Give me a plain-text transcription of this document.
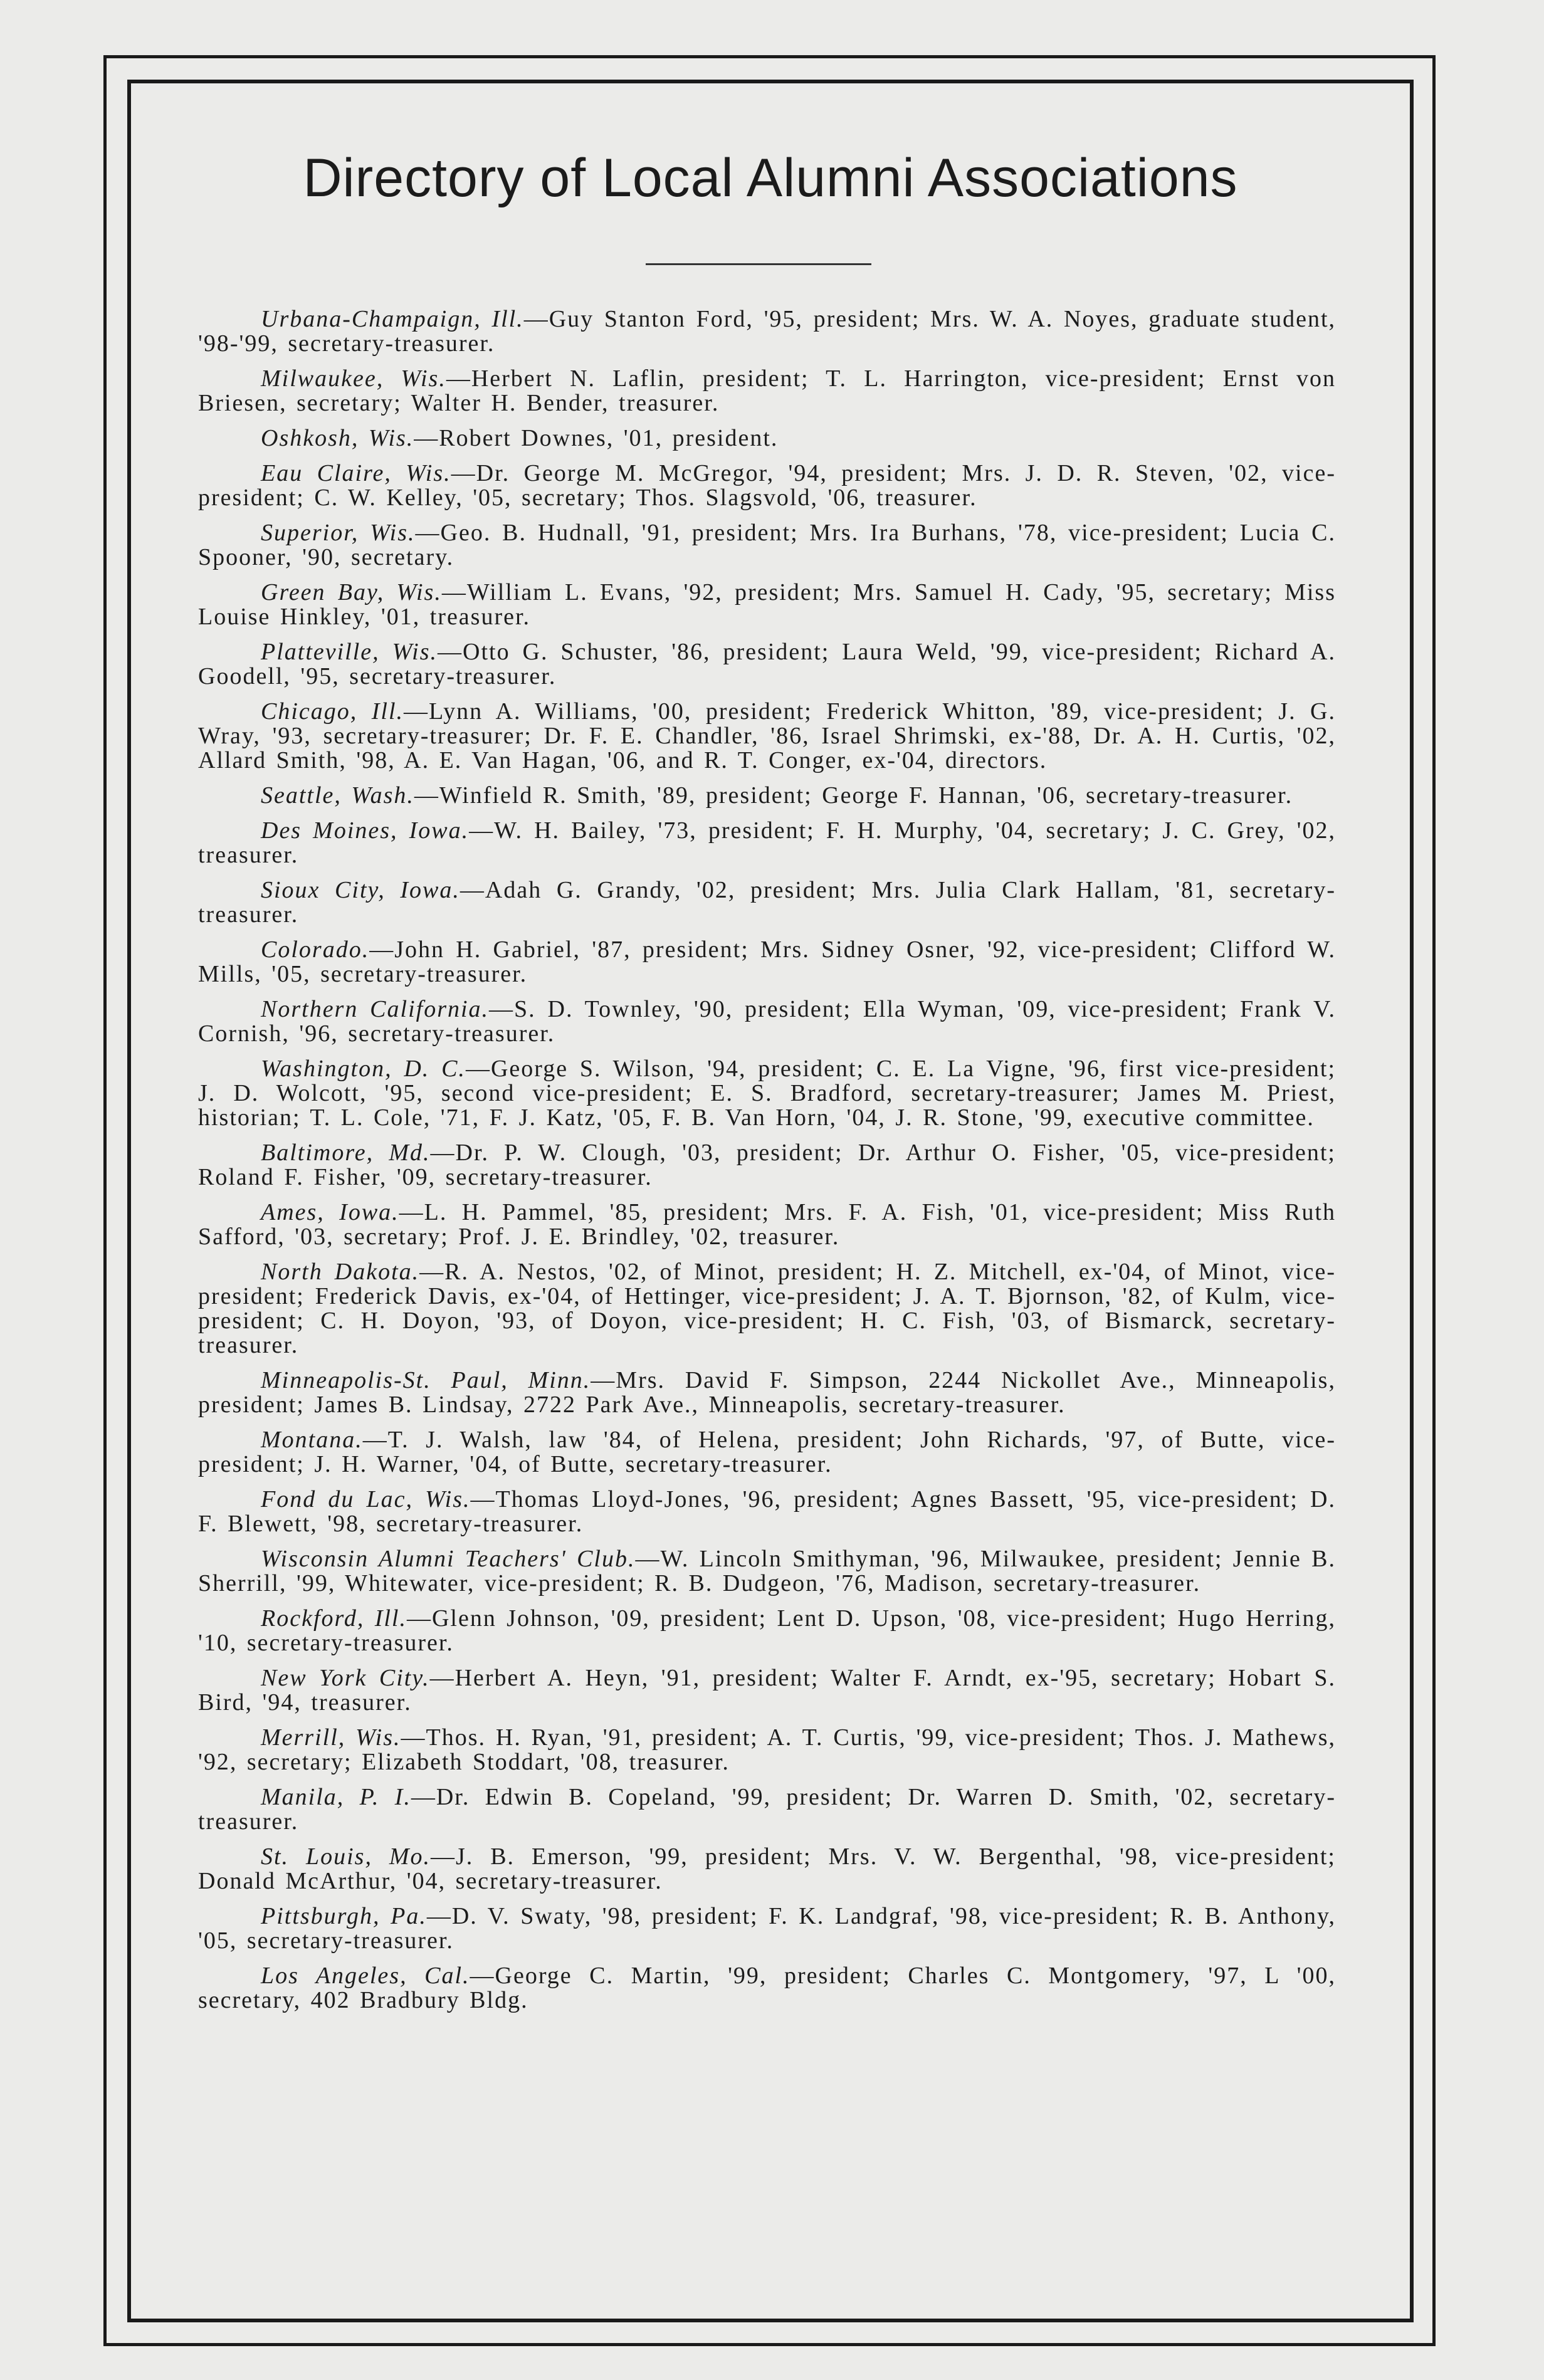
Directory of Local Alumni Associations

Urbana-Champaign, Ill.—Guy Stanton Ford, '95, president; Mrs. W. A. Noyes, graduate student, '98-'99, secretary-treasurer.

Milwaukee, Wis.—Herbert N. Laflin, president; T. L. Harrington, vice-president; Ernst von Briesen, secretary; Walter H. Bender, treasurer.

Oshkosh, Wis.—Robert Downes, '01, president.

Eau Claire, Wis.—Dr. George M. McGregor, '94, president; Mrs. J. D. R. Steven, '02, vice-president; C. W. Kelley, '05, secretary; Thos. Slagsvold, '06, treasurer.

Superior, Wis.—Geo. B. Hudnall, '91, president; Mrs. Ira Burhans, '78, vice-president; Lucia C. Spooner, '90, secretary.

Green Bay, Wis.—William L. Evans, '92, president; Mrs. Samuel H. Cady, '95, secretary; Miss Louise Hinkley, '01, treasurer.

Platteville, Wis.—Otto G. Schuster, '86, president; Laura Weld, '99, vice-president; Richard A. Goodell, '95, secretary-treasurer.

Chicago, Ill.—Lynn A. Williams, '00, president; Frederick Whitton, '89, vice-president; J. G. Wray, '93, secretary-treasurer; Dr. F. E. Chandler, '86, Israel Shrimski, ex-'88, Dr. A. H. Curtis, '02, Allard Smith, '98, A. E. Van Hagan, '06, and R. T. Conger, ex-'04, directors.

Seattle, Wash.—Winfield R. Smith, '89, president; George F. Hannan, '06, secretary-treasurer.

Des Moines, Iowa.—W. H. Bailey, '73, president; F. H. Murphy, '04, secretary; J. C. Grey, '02, treasurer.

Sioux City, Iowa.—Adah G. Grandy, '02, president; Mrs. Julia Clark Hallam, '81, secretary-treasurer.

Colorado.—John H. Gabriel, '87, president; Mrs. Sidney Osner, '92, vice-president; Clifford W. Mills, '05, secretary-treasurer.

Northern California.—S. D. Townley, '90, president; Ella Wyman, '09, vice-president; Frank V. Cornish, '96, secretary-treasurer.

Washington, D. C.—George S. Wilson, '94, president; C. E. La Vigne, '96, first vice-president; J. D. Wolcott, '95, second vice-president; E. S. Bradford, secretary-treasurer; James M. Priest, historian; T. L. Cole, '71, F. J. Katz, '05, F. B. Van Horn, '04, J. R. Stone, '99, executive committee.

Baltimore, Md.—Dr. P. W. Clough, '03, president; Dr. Arthur O. Fisher, '05, vice-president; Roland F. Fisher, '09, secretary-treasurer.

Ames, Iowa.—L. H. Pammel, '85, president; Mrs. F. A. Fish, '01, vice-president; Miss Ruth Safford, '03, secretary; Prof. J. E. Brindley, '02, treasurer.

North Dakota.—R. A. Nestos, '02, of Minot, president; H. Z. Mitchell, ex-'04, of Minot, vice-president; Frederick Davis, ex-'04, of Hettinger, vice-president; J. A. T. Bjornson, '82, of Kulm, vice-president; C. H. Doyon, '93, of Doyon, vice-president; H. C. Fish, '03, of Bismarck, secretary-treasurer.

Minneapolis-St. Paul, Minn.—Mrs. David F. Simpson, 2244 Nickollet Ave., Minneapolis, president; James B. Lindsay, 2722 Park Ave., Minneapolis, secretary-treasurer.

Montana.—T. J. Walsh, law '84, of Helena, president; John Richards, '97, of Butte, vice-president; J. H. Warner, '04, of Butte, secretary-treasurer.

Fond du Lac, Wis.—Thomas Lloyd-Jones, '96, president; Agnes Bassett, '95, vice-president; D. F. Blewett, '98, secretary-treasurer.

Wisconsin Alumni Teachers' Club.—W. Lincoln Smithyman, '96, Milwaukee, president; Jennie B. Sherrill, '99, Whitewater, vice-president; R. B. Dudgeon, '76, Madison, secretary-treasurer.

Rockford, Ill.—Glenn Johnson, '09, president; Lent D. Upson, '08, vice-president; Hugo Herring, '10, secretary-treasurer.

New York City.—Herbert A. Heyn, '91, president; Walter F. Arndt, ex-'95, secretary; Hobart S. Bird, '94, treasurer.

Merrill, Wis.—Thos. H. Ryan, '91, president; A. T. Curtis, '99, vice-president; Thos. J. Mathews, '92, secretary; Elizabeth Stoddart, '08, treasurer.

Manila, P. I.—Dr. Edwin B. Copeland, '99, president; Dr. Warren D. Smith, '02, secretary-treasurer.

St. Louis, Mo.—J. B. Emerson, '99, president; Mrs. V. W. Bergenthal, '98, vice-president; Donald McArthur, '04, secretary-treasurer.

Pittsburgh, Pa.—D. V. Swaty, '98, president; F. K. Landgraf, '98, vice-president; R. B. Anthony, '05, secretary-treasurer.

Los Angeles, Cal.—George C. Martin, '99, president; Charles C. Montgomery, '97, L '00, secretary, 402 Bradbury Bldg.
